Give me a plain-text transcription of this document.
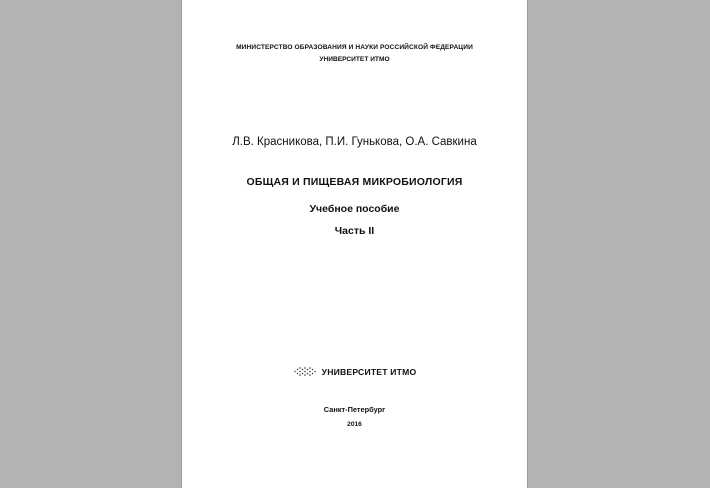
МИНИСТЕРСТВО ОБРАЗОВАНИЯ И НАУКИ РОССИЙСКОЙ ФЕДЕРАЦИИ
УНИВЕРСИТЕТ ИТМО
Л.В. Красникова, П.И. Гунькова, О.А. Савкина
ОБЩАЯ И ПИЩЕВАЯ МИКРОБИОЛОГИЯ
Учебное пособие
Часть II
УНИВЕРСИТЕТ ИТМО
Санкт-Петербург
2016
